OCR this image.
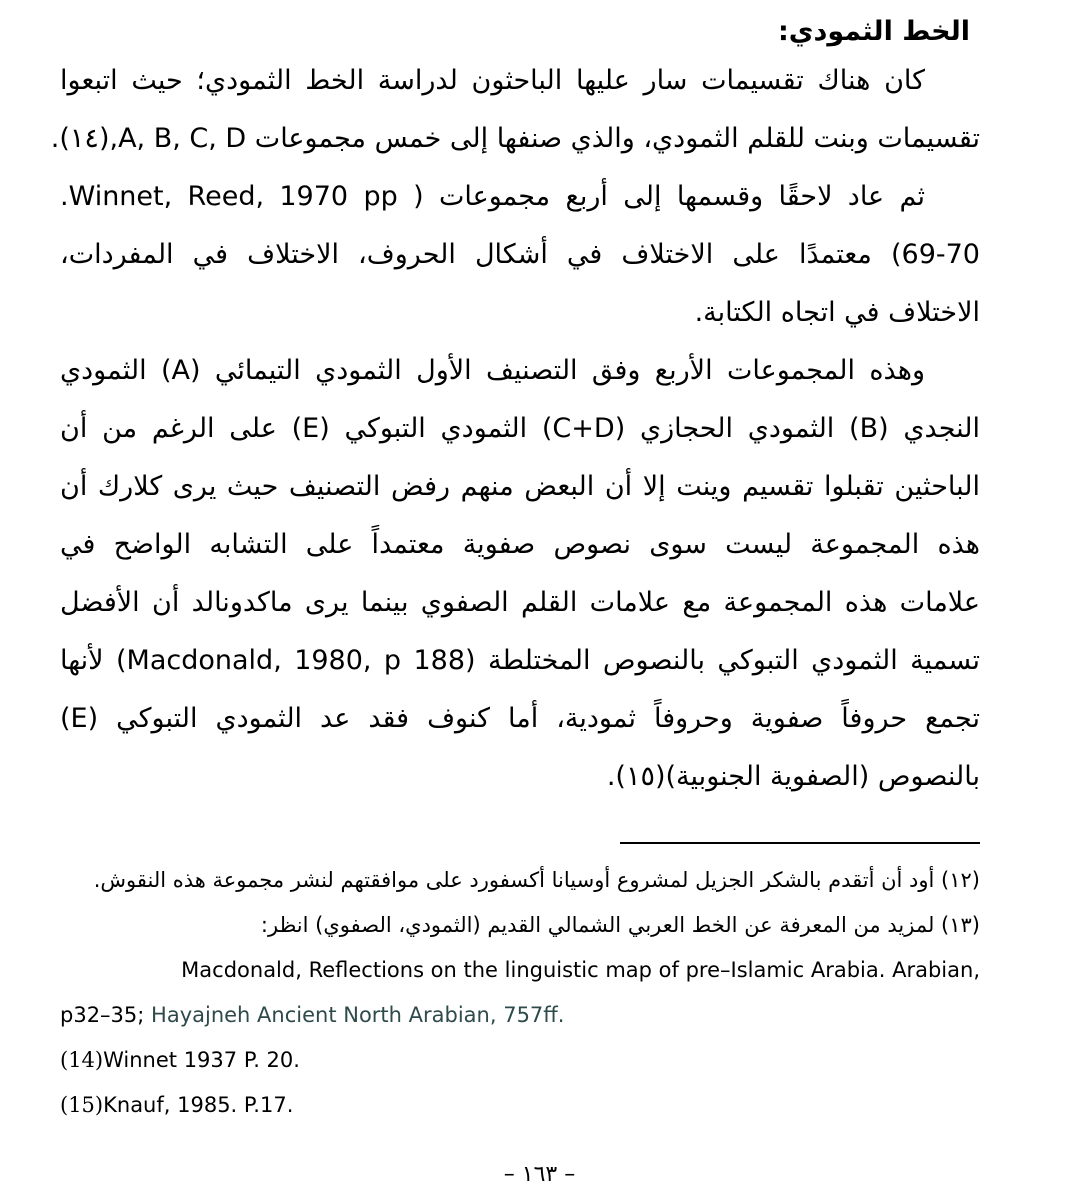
الخط الثمودي:
كان هناك تقسيمات سار عليها الباحثون لدراسة الخط الثمودي؛ حيث اتبعوا
تقسيمات وبنت للقلم الثمودي، والذي صنفها إلى خمس مجموعات A, B, C, D,(١٤).
ثم عاد لاحقًا وقسمها إلى أربع مجموعات ( Winnet, Reed, 1970 pp.
69-70) معتمدًا على الاختلاف في أشكال الحروف، الاختلاف في المفردات،
الاختلاف في اتجاه الكتابة.
وهذه المجموعات الأربع وفق التصنيف الأول الثمودي التيمائي (A) الثمودي
النجدي (B) الثمودي الحجازي (C+D) الثمودي التبوكي (E) على الرغم من أن
الباحثين تقبلوا تقسيم وينت إلا أن البعض منهم رفض التصنيف حيث يرى كلارك أن
هذه المجموعة ليست سوى نصوص صفوية معتمداً على التشابه الواضح في
علامات هذه المجموعة مع علامات القلم الصفوي بينما يرى ماكدونالد أن الأفضل
تسمية الثمودي التبوكي بالنصوص المختلطة (Macdonald, 1980, p 188) لأنها
تجمع حروفاً صفوية وحروفاً ثمودية، أما كنوف فقد عد الثمودي التبوكي (E)
بالنصوص (الصفوية الجنوبية)(١٥).

(١٢) أود أن أتقدم بالشكر الجزيل لمشروع أوسيانا أكسفورد على موافقتهم لنشر مجموعة هذه النقوش.

(١٣) لمزيد من المعرفة عن الخط العربي الشمالي القديم (الثمودي، الصفوي) انظر:

Macdonald, Reflections on the linguistic map of pre–Islamic Arabia. Arabian,

p32–35; Hayajneh Ancient North Arabian, 757ff.

(14)Winnet 1937 P. 20.

(15)Knauf, 1985. P.17.

– ١٦٣ –
